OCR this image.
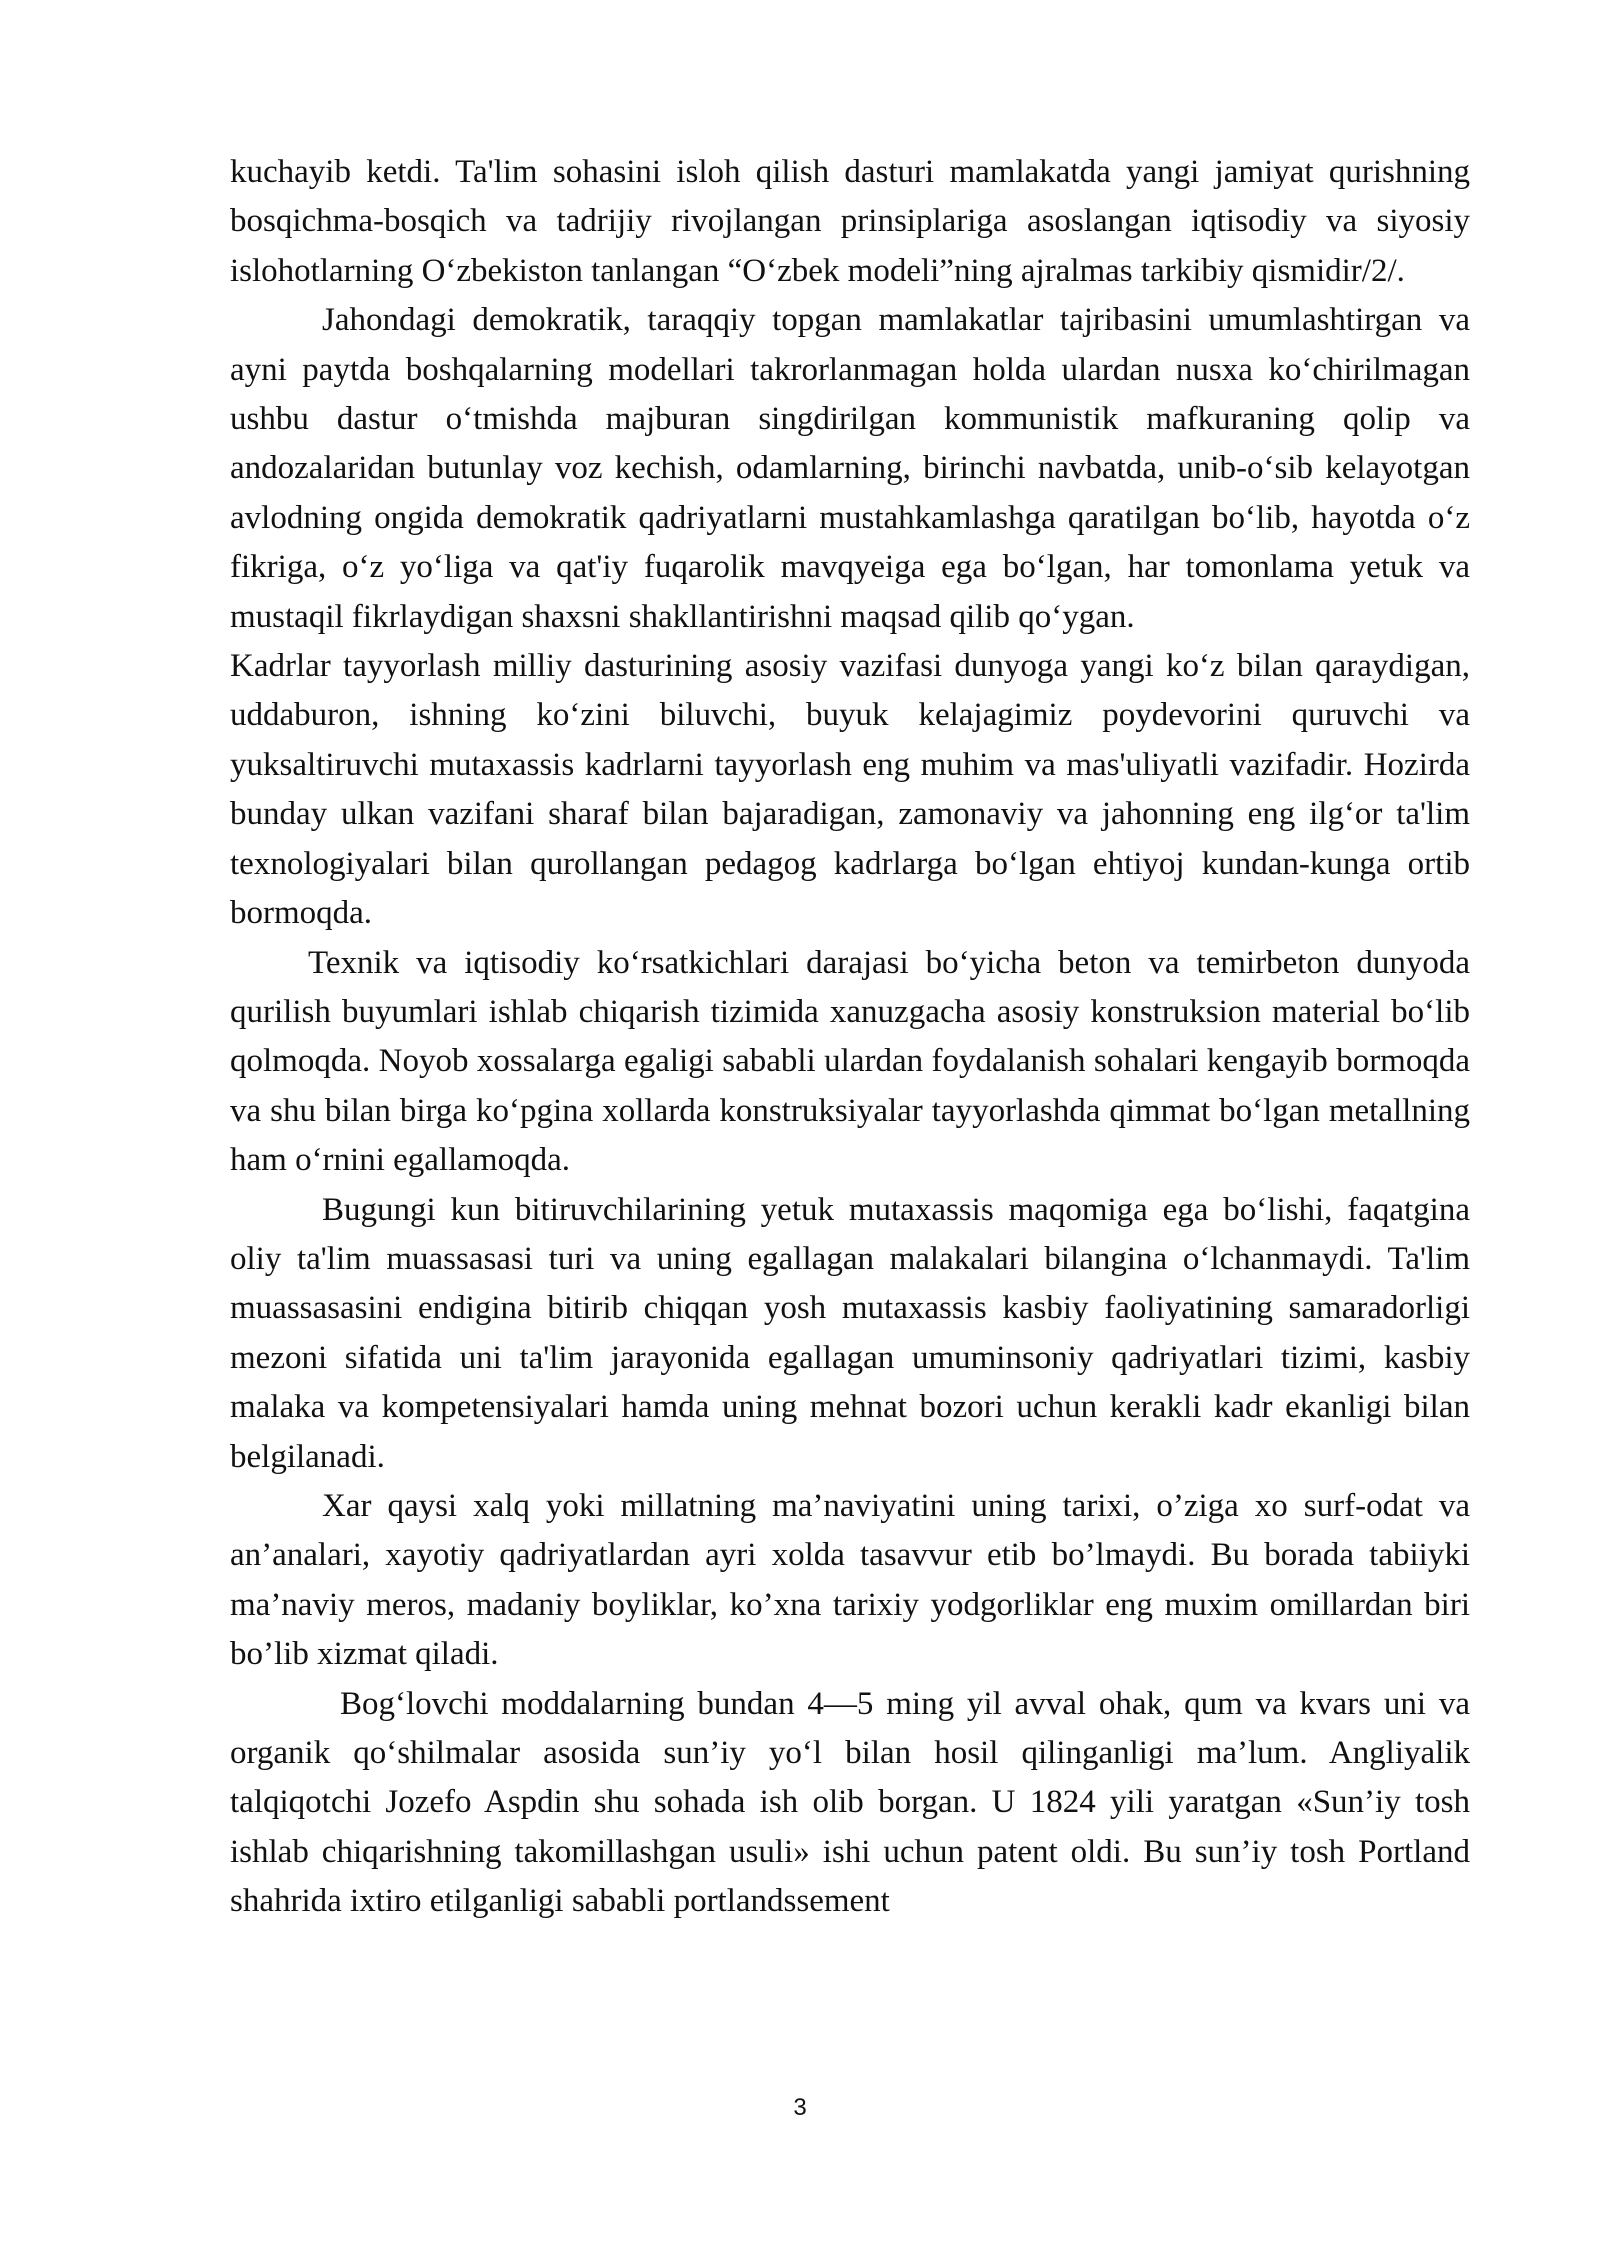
kuchayib ketdi. Ta'lim sohasini isloh qilish dasturi mamlakatda yangi jamiyat qurishning bosqichma-bosqich va tadrijiy rivojlangan prinsiplariga asoslangan iqtisodiy va siyosiy islohotlarning O‘zbekiston tanlangan “O‘zbek modeli”ning ajralmas tarkibiy qismidir/2/.

Jahondagi demokratik, taraqqiy topgan mamlakatlar tajribasini umumlashtirgan va ayni paytda boshqalarning modellari takrorlanmagan holda ulardan nusxa ko‘chirilmagan ushbu dastur o‘tmishda majburan singdirilgan kommunistik mafkuraning qolip va andozalaridan butunlay voz kechish, odamlarning, birinchi navbatda, unib-o‘sib kelayotgan avlodning ongida demokratik qadriyatlarni mustahkamlashga qaratilgan bo‘lib, hayotda o‘z fikriga, o‘z yo‘liga va qat'iy fuqarolik mavqyeiga ega bo‘lgan, har tomonlama yetuk va mustaqil fikrlaydigan shaxsni shakllantirishni maqsad qilib qo‘ygan.

Kadrlar tayyorlash milliy dasturining asosiy vazifasi dunyoga yangi ko‘z bilan qaraydigan, uddaburon, ishning ko‘zini biluvchi, buyuk kelajagimiz poydevorini quruvchi va yuksaltiruvchi mutaxassis kadrlarni tayyorlash eng muhim va mas'uliyatli vazifadir. Hozirda bunday ulkan vazifani sharaf bilan bajaradigan, zamonaviy va jahonning eng ilg‘or ta'lim texnologiyalari bilan qurollangan pedagog kadrlarga bo‘lgan ehtiyoj kundan-kunga ortib bormoqda.

Texnik va iqtisodiy ko‘rsatkichlari darajasi bo‘yicha beton va temirbeton dunyoda qurilish buyumlari ishlab chiqarish tizimida xanuzgacha asosiy konstruksion material bo‘lib qolmoqda. Noyob xossalarga egaligi sababli ulardan foydalanish sohalari kengayib bormoqda va shu bilan birga ko‘pgina xollarda konstruksiyalar tayyorlashda qimmat bo‘lgan metallning ham o‘rnini egallamoqda.

Bugungi kun bitiruvchilarining yetuk mutaxassis maqomiga ega bo‘lishi, faqatgina oliy ta'lim muassasasi turi va uning egallagan malakalari bilangina o‘lchanmaydi. Ta'lim muassasasini endigina bitirib chiqqan yosh mutaxassis kasbiy faoliyatining samaradorligi mezoni sifatida uni ta'lim jarayonida egallagan umuminsoniy qadriyatlari tizimi, kasbiy malaka va kompetensiyalari hamda uning mehnat bozori uchun kerakli kadr ekanligi bilan belgilanadi.

Xar qaysi xalq yoki millatning ma’naviyatini uning tarixi, o’ziga xo surf-odat va an’analari, xayotiy qadriyatlardan ayri xolda tasavvur etib bo’lmaydi. Bu borada tabiiyki ma’naviy meros, madaniy boyliklar, ko’xna tarixiy yodgorliklar eng muxim omillardan biri bo’lib xizmat qiladi.

Bog‘lovchi moddalarning bundan 4—5 ming yil avval ohak, qum va kvars uni va organik qo‘shilmalar asosida sun’iy yo‘l bilan hosil qilinganligi ma’lum. Angliyalik talqiqotchi Jozefo Aspdin shu sohada ish olib borgan. U 1824 yili yaratgan «Sun’iy tosh ishlab chiqarishning takomillashgan usuli» ishi uchun patent oldi. Bu sun’iy tosh Portland shahrida ixtiro etilganligi sababli portlandssement

3
